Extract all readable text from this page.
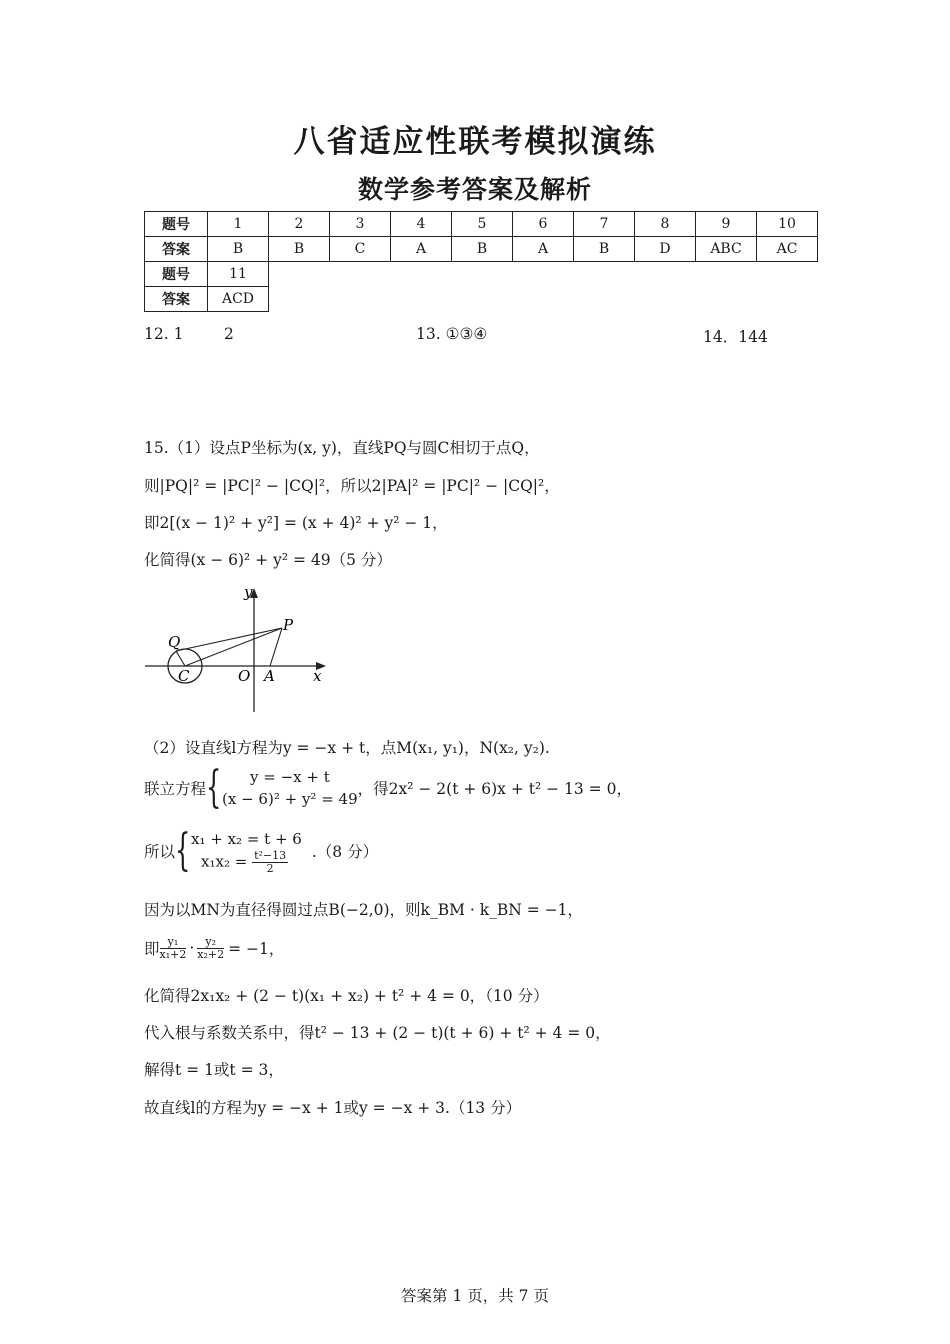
八省适应性联考模拟演练
数学参考答案及解析
题号	1	2	3	4	5	6	7	8	9	10
答案	B	B	C	A	B	A	B	D	ABC	AC
题号	11									
答案	ACD									
12. 1	2	13. ①③④	14．144
15.（1）设点P坐标为(x, y)，直线PQ与圆C相切于点Q，
则|PQ|² = |PC|² − |CQ|²，所以2|PA|² = |PC|² − |CQ|²，
即2[(x − 1)² + y²] = (x + 4)² + y² − 1，
化简得(x − 6)² + y² = 49（5 分）
y
x
P
Q
C	O A
（2）设直线l方程为y = −x + t，点M(x₁, y₁)，N(x₂, y₂).
联立方程 {	y = −x + t
(x − 6)² + y² = 49
，得2x² − 2(t + 6)x + t² − 13 = 0，
所以 { x₁ + x₂ = t + 6
$x_1x_2 = \frac{\text{t²−13}}{2} .(8$ 分）
因为以MN为直径得圆过点B(−2,0)，则k_BM · k_BN = −1，
即 $\frac{\text{y₁}}{\text{x₁+2}} \cdot \frac{\text{y₂}}{\text{x₂+2}} = -1$，
化简得2x₁x₂ + (2 − t)(x₁ + x₂) + t² + 4 = 0，（10 分）
代入根与系数关系中，得t² − 13 + (2 − t)(t + 6) + t² + 4 = 0，
解得t = 1或t = 3，
故直线l的方程为y = −x + 1或y = −x + 3.（13 分）
答案第 1 页，共 7 页
